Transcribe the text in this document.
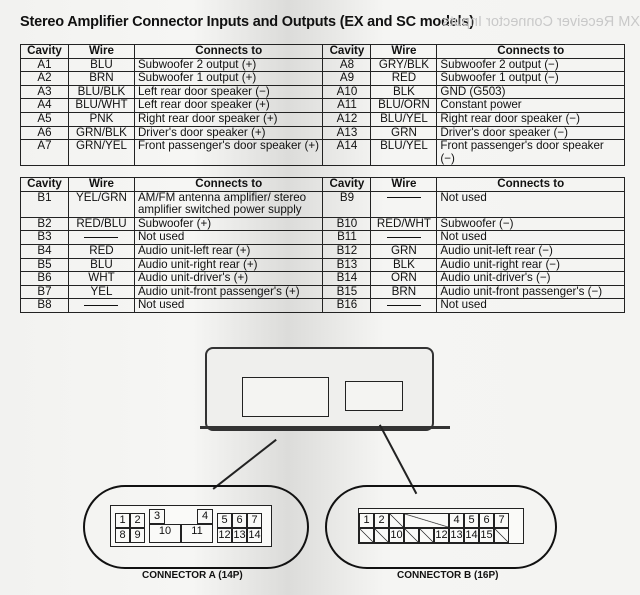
Stereo Amplifier Connector Inputs and Outputs (EX and SC models)
XM Receiver Connector Inputs
Cavity	Wire	Connects to	Cavity	Wire	Connects to
A1	BLU	Subwoofer 2 output (+)	A8	GRY/BLK	Subwoofer 2 output (−)
A2	BRN	Subwoofer 1 output (+)	A9	RED	Subwoofer 1 output (−)
A3	BLU/BLK	Left rear door speaker (−)	A10	BLK	GND (G503)
A4	BLU/WHT	Left rear door speaker (+)	A11	BLU/ORN	Constant power
A5	PNK	Right rear door speaker (+)	A12	BLU/YEL	Right rear door speaker (−)
A6	GRN/BLK	Driver's door speaker (+)	A13	GRN	Driver's door speaker (−)
A7	GRN/YEL	Front passenger's door speaker (+)	A14	BLU/YEL	Front passenger's door speaker (−)
Cavity	Wire	Connects to	Cavity	Wire	Connects to
B1	YEL/GRN	AM/FM antenna amplifier/ stereo amplifier switched power supply	B9		Not used
B2	RED/BLU	Subwoofer (+)	B10	RED/WHT	Subwoofer (−)
B3		Not used	B11		Not used
B4	RED	Audio unit-left rear (+)	B12	GRN	Audio unit-left rear (−)
B5	BLU	Audio unit-right rear (+)	B13	BLK	Audio unit-right rear (−)
B6	WHT	Audio unit-driver's (+)	B14	ORN	Audio unit-driver's (−)
B7	YEL	Audio unit-front passenger's (+)	B15	BRN	Audio unit-front passenger's (−)
B8		Not used	B16		Not used
1 2	3	4	5 6 7
8 9	10	11	12 13 14
CONNECTOR A (14P)
1 2	4 5 6 7
10	12 13 14 15
CONNECTOR B (16P)
